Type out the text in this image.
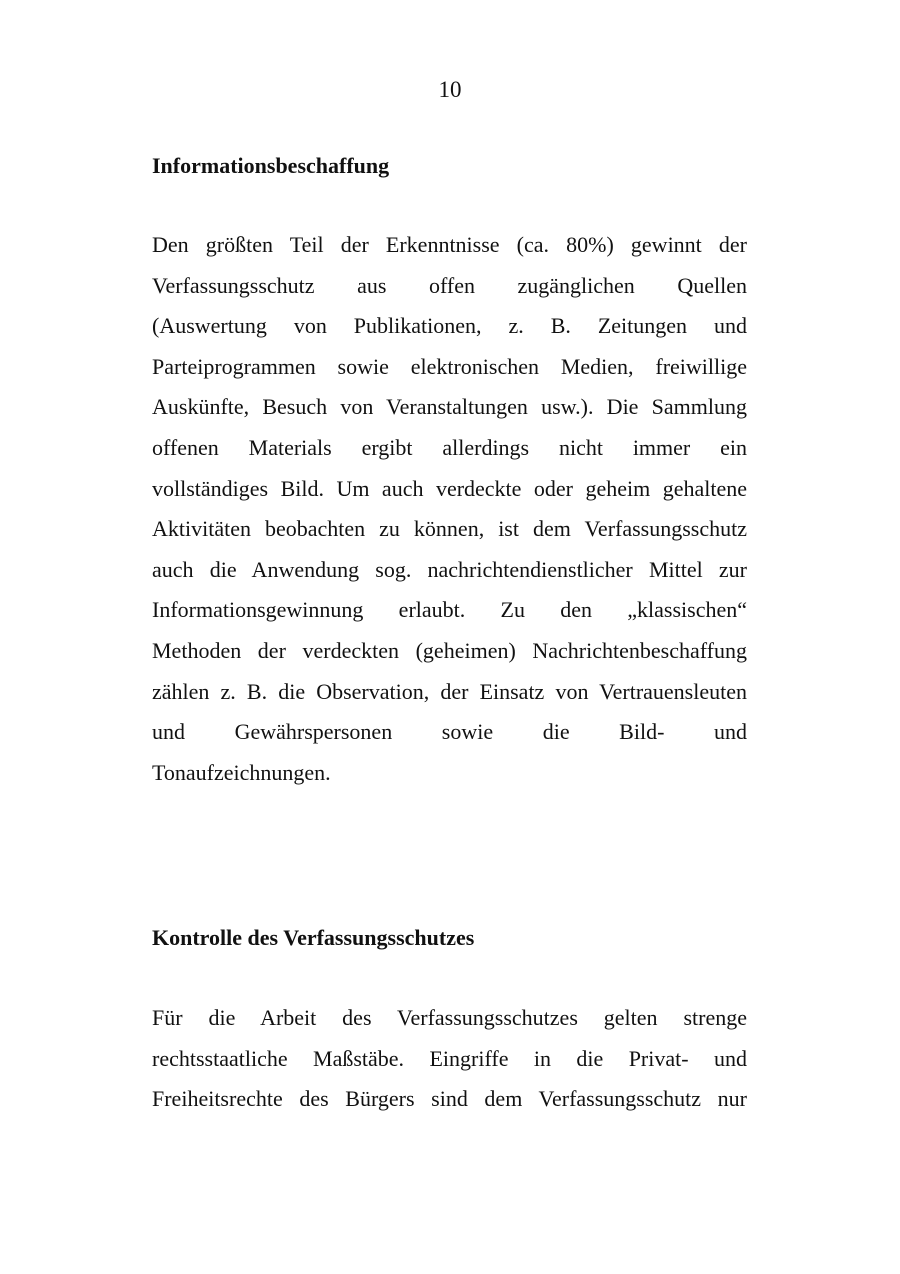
10
Informationsbeschaffung
Den größten Teil der Erkenntnisse (ca. 80%) gewinnt der
Verfassungsschutz aus offen zugänglichen Quellen
(Auswertung von Publikationen, z. B. Zeitungen und
Parteiprogrammen sowie elektronischen Medien, freiwillige
Auskünfte, Besuch von Veranstaltungen usw.). Die Sammlung
offenen Materials ergibt allerdings nicht immer ein
vollständiges Bild. Um auch verdeckte oder geheim gehaltene
Aktivitäten beobachten zu können, ist dem Verfassungsschutz
auch die Anwendung sog. nachrichtendienstlicher Mittel zur
Informationsgewinnung erlaubt. Zu den „klassischen“
Methoden der verdeckten (geheimen) Nachrichtenbeschaffung
zählen z. B. die Observation, der Einsatz von Vertrauensleuten
und Gewährspersonen sowie die Bild- und
Tonaufzeichnungen.
Kontrolle des Verfassungsschutzes
Für die Arbeit des Verfassungsschutzes gelten strenge
rechtsstaatliche Maßstäbe. Eingriffe in die Privat- und
Freiheitsrechte des Bürgers sind dem Verfassungsschutz nur
